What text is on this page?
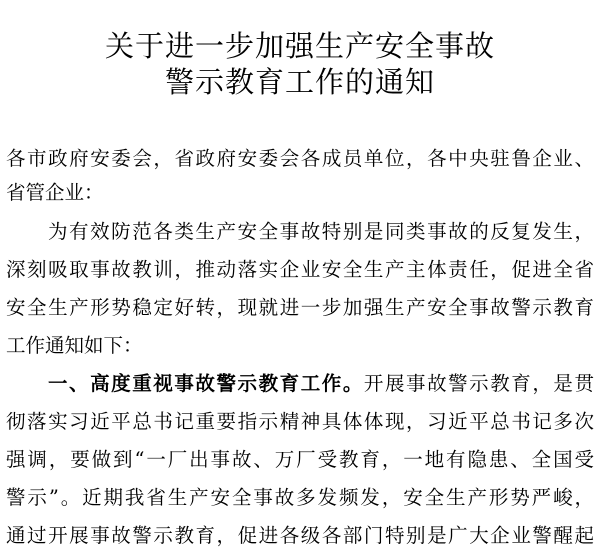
关于进一步加强生产安全事故
警示教育工作的通知
各市政府安委会，省政府安委会各成员单位，各中央驻鲁企业、
省管企业：
为有效防范各类生产安全事故特别是同类事故的反复发生，
深刻吸取事故教训，推动落实企业安全生产主体责任，促进全省
安全生产形势稳定好转，现就进一步加强生产安全事故警示教育
工作通知如下：
一、高度重视事故警示教育工作。开展事故警示教育，是贯
彻落实习近平总书记重要指示精神具体体现，习近平总书记多次
强调，要做到“一厂出事故、万厂受教育，一地有隐患、全国受
警示”。近期我省生产安全事故多发频发，安全生产形势严峻，
通过开展事故警示教育，促进各级各部门特别是广大企业警醒起
